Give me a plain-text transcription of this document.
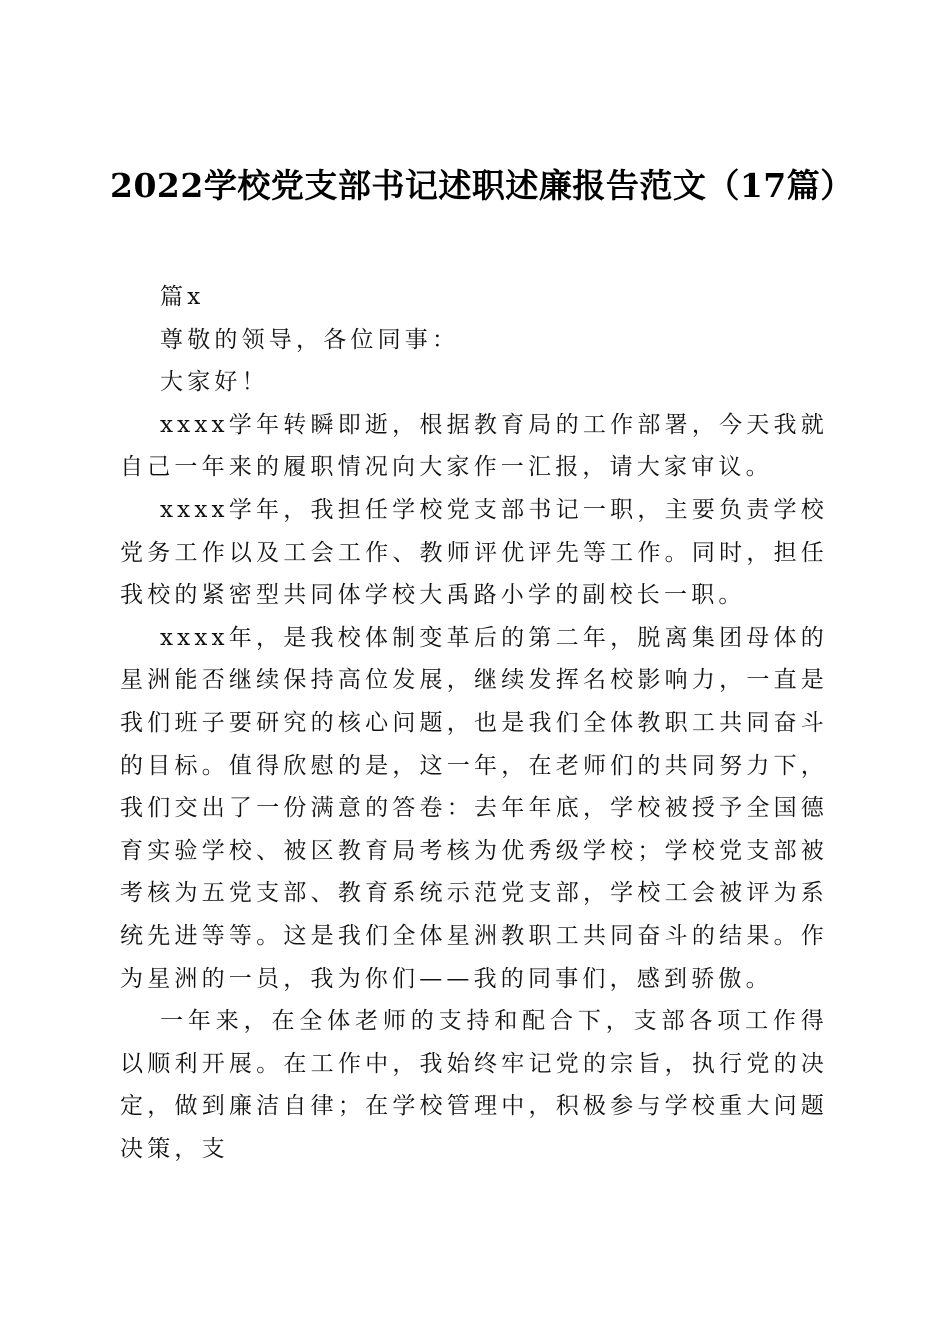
2022学校党支部书记述职述廉报告范文（17篇）

篇x

尊敬的领导，各位同事：

大家好！

xxxx学年转瞬即逝，根据教育局的工作部署，今天我就自己一年来的履职情况向大家作一汇报，请大家审议。

xxxx学年，我担任学校党支部书记一职，主要负责学校党务工作以及工会工作、教师评优评先等工作。同时，担任我校的紧密型共同体学校大禹路小学的副校长一职。

xxxx年，是我校体制变革后的第二年，脱离集团母体的星洲能否继续保持高位发展，继续发挥名校影响力，一直是我们班子要研究的核心问题，也是我们全体教职工共同奋斗的目标。值得欣慰的是，这一年，在老师们的共同努力下，我们交出了一份满意的答卷：去年年底，学校被授予全国德育实验学校、被区教育局考核为优秀级学校；学校党支部被考核为五党支部、教育系统示范党支部，学校工会被评为系统先进等等。这是我们全体星洲教职工共同奋斗的结果。作为星洲的一员，我为你们——我的同事们，感到骄傲。

一年来，在全体老师的支持和配合下，支部各项工作得以顺利开展。在工作中，我始终牢记党的宗旨，执行党的决定，做到廉洁自律；在学校管理中，积极参与学校重大问题决策，支
